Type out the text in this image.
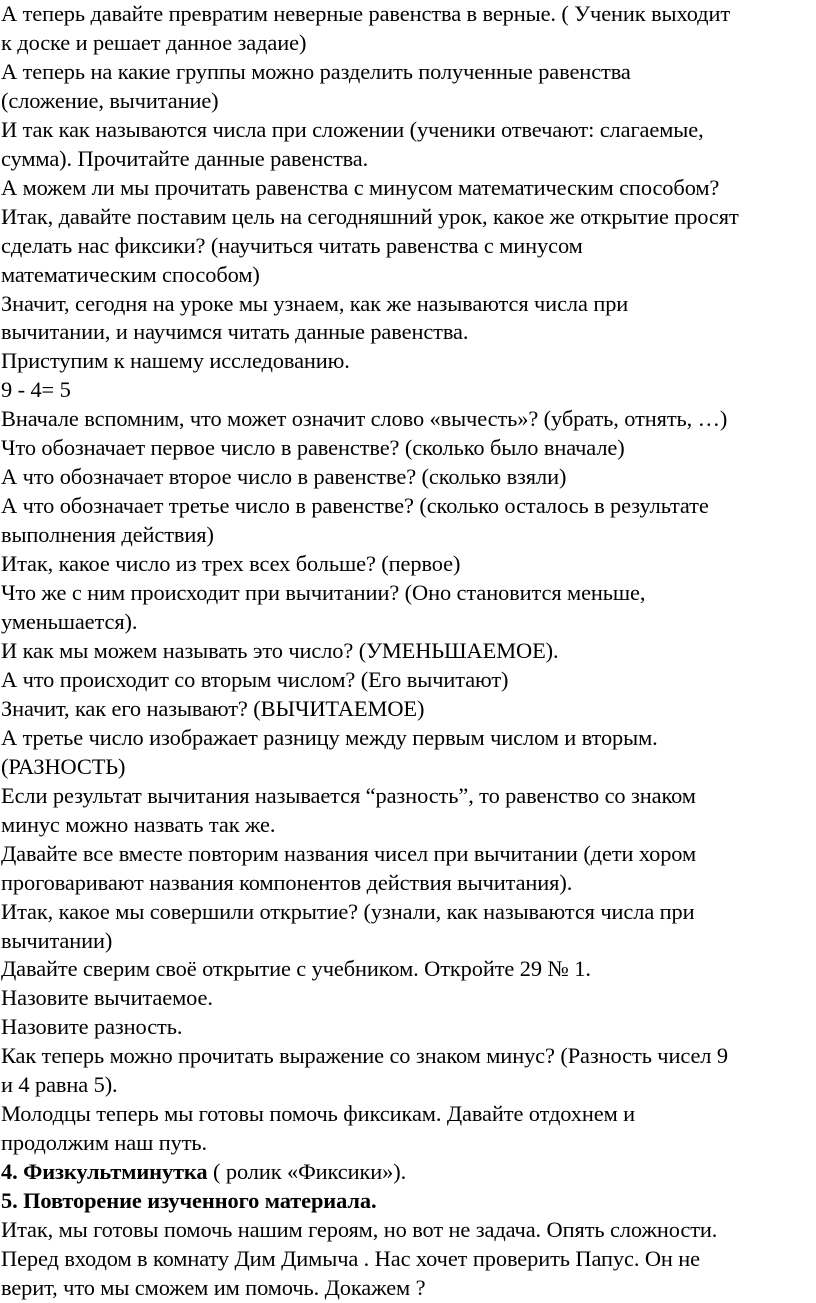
А теперь давайте превратим неверные равенства в верные. ( Ученик выходит

к доске и решает данное задаие)

А теперь на какие группы можно разделить полученные равенства

(сложение, вычитание)

И так как называются числа при сложении (ученики отвечают: слагаемые,

сумма). Прочитайте данные равенства.

А можем ли мы прочитать равенства с минусом математическим способом?

Итак, давайте поставим цель на сегодняшний урок, какое же открытие просят

сделать нас фиксики? (научиться читать равенства с минусом

математическим способом)

Значит, сегодня на уроке мы узнаем, как же называются числа при

вычитании, и научимся читать данные равенства.

Приступим к нашему исследованию.

9 - 4= 5

Вначале вспомним, что может означит слово «вычесть»? (убрать, отнять, …)

Что обозначает первое число в равенстве? (сколько было вначале)

А что обозначает второе число в равенстве? (сколько взяли)

А что обозначает третье число в равенстве? (сколько осталось в результате

выполнения действия)

Итак, какое число из трех всех больше? (первое)

Что же с ним происходит при вычитании? (Оно становится меньше,

уменьшается).

И как мы можем называть это число? (УМЕНЬШАЕМОЕ).

А что происходит со вторым числом? (Его вычитают)

Значит, как его называют? (ВЫЧИТАЕМОЕ)

А третье число изображает разницу между первым числом и вторым.

(РАЗНОСТЬ)

Если результат вычитания называется “разность”, то равенство со знаком

минус можно назвать так же.

Давайте все вместе повторим названия чисел при вычитании (дети хором

проговаривают названия компонентов действия вычитания).

Итак, какое мы совершили открытие? (узнали, как называются числа при

вычитании)

Давайте сверим своё открытие с учебником. Откройте 29 № 1.

Назовите вычитаемое.

Назовите разность.

Как теперь можно прочитать выражение со знаком минус? (Разность чисел 9

и 4 равна 5).

Молодцы теперь мы готовы помочь фиксикам. Давайте отдохнем и

продолжим наш путь.

4. Физкультминутка ( ролик «Фиксики»).

5. Повторение изученного материала.

Итак, мы готовы помочь нашим героям, но вот не задача. Опять сложности.

Перед входом в комнату Дим Димыча . Нас хочет проверить Папус. Он не

верит, что мы сможем им помочь. Докажем ?
